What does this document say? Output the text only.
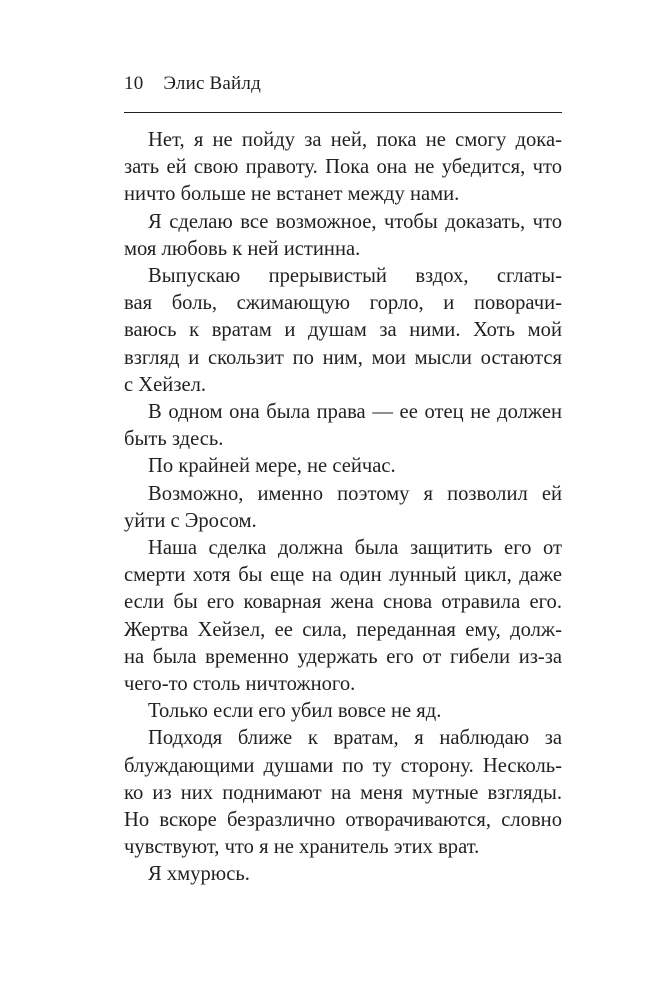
10 Элис Вайлд
Нет, я не пойду за ней, пока не смогу дока-
зать ей свою правоту. Пока она не убедится, что
ничто больше не встанет между нами.
Я сделаю все возможное, чтобы доказать, что
моя любовь к ней истинна.
Выпускаю прерывистый вздох, сглаты-
вая боль, сжимающую горло, и поворачи-
ваюсь к вратам и душам за ними. Хоть мой
взгляд и скользит по ним, мои мысли остаются
с Хейзел.
В одном она была права — ее отец не должен
быть здесь.
По крайней мере, не сейчас.
Возможно, именно поэтому я позволил ей
уйти с Эросом.
Наша сделка должна была защитить его от
смерти хотя бы еще на один лунный цикл, даже
если бы его коварная жена снова отравила его.
Жертва Хейзел, ее сила, переданная ему, долж-
на была временно удержать его от гибели из-за
чего-то столь ничтожного.
Только если его убил вовсе не яд.
Подходя ближе к вратам, я наблюдаю за
блуждающими душами по ту сторону. Несколь-
ко из них поднимают на меня мутные взгляды.
Но вскоре безразлично отворачиваются, словно
чувствуют, что я не хранитель этих врат.
Я хмурюсь.
